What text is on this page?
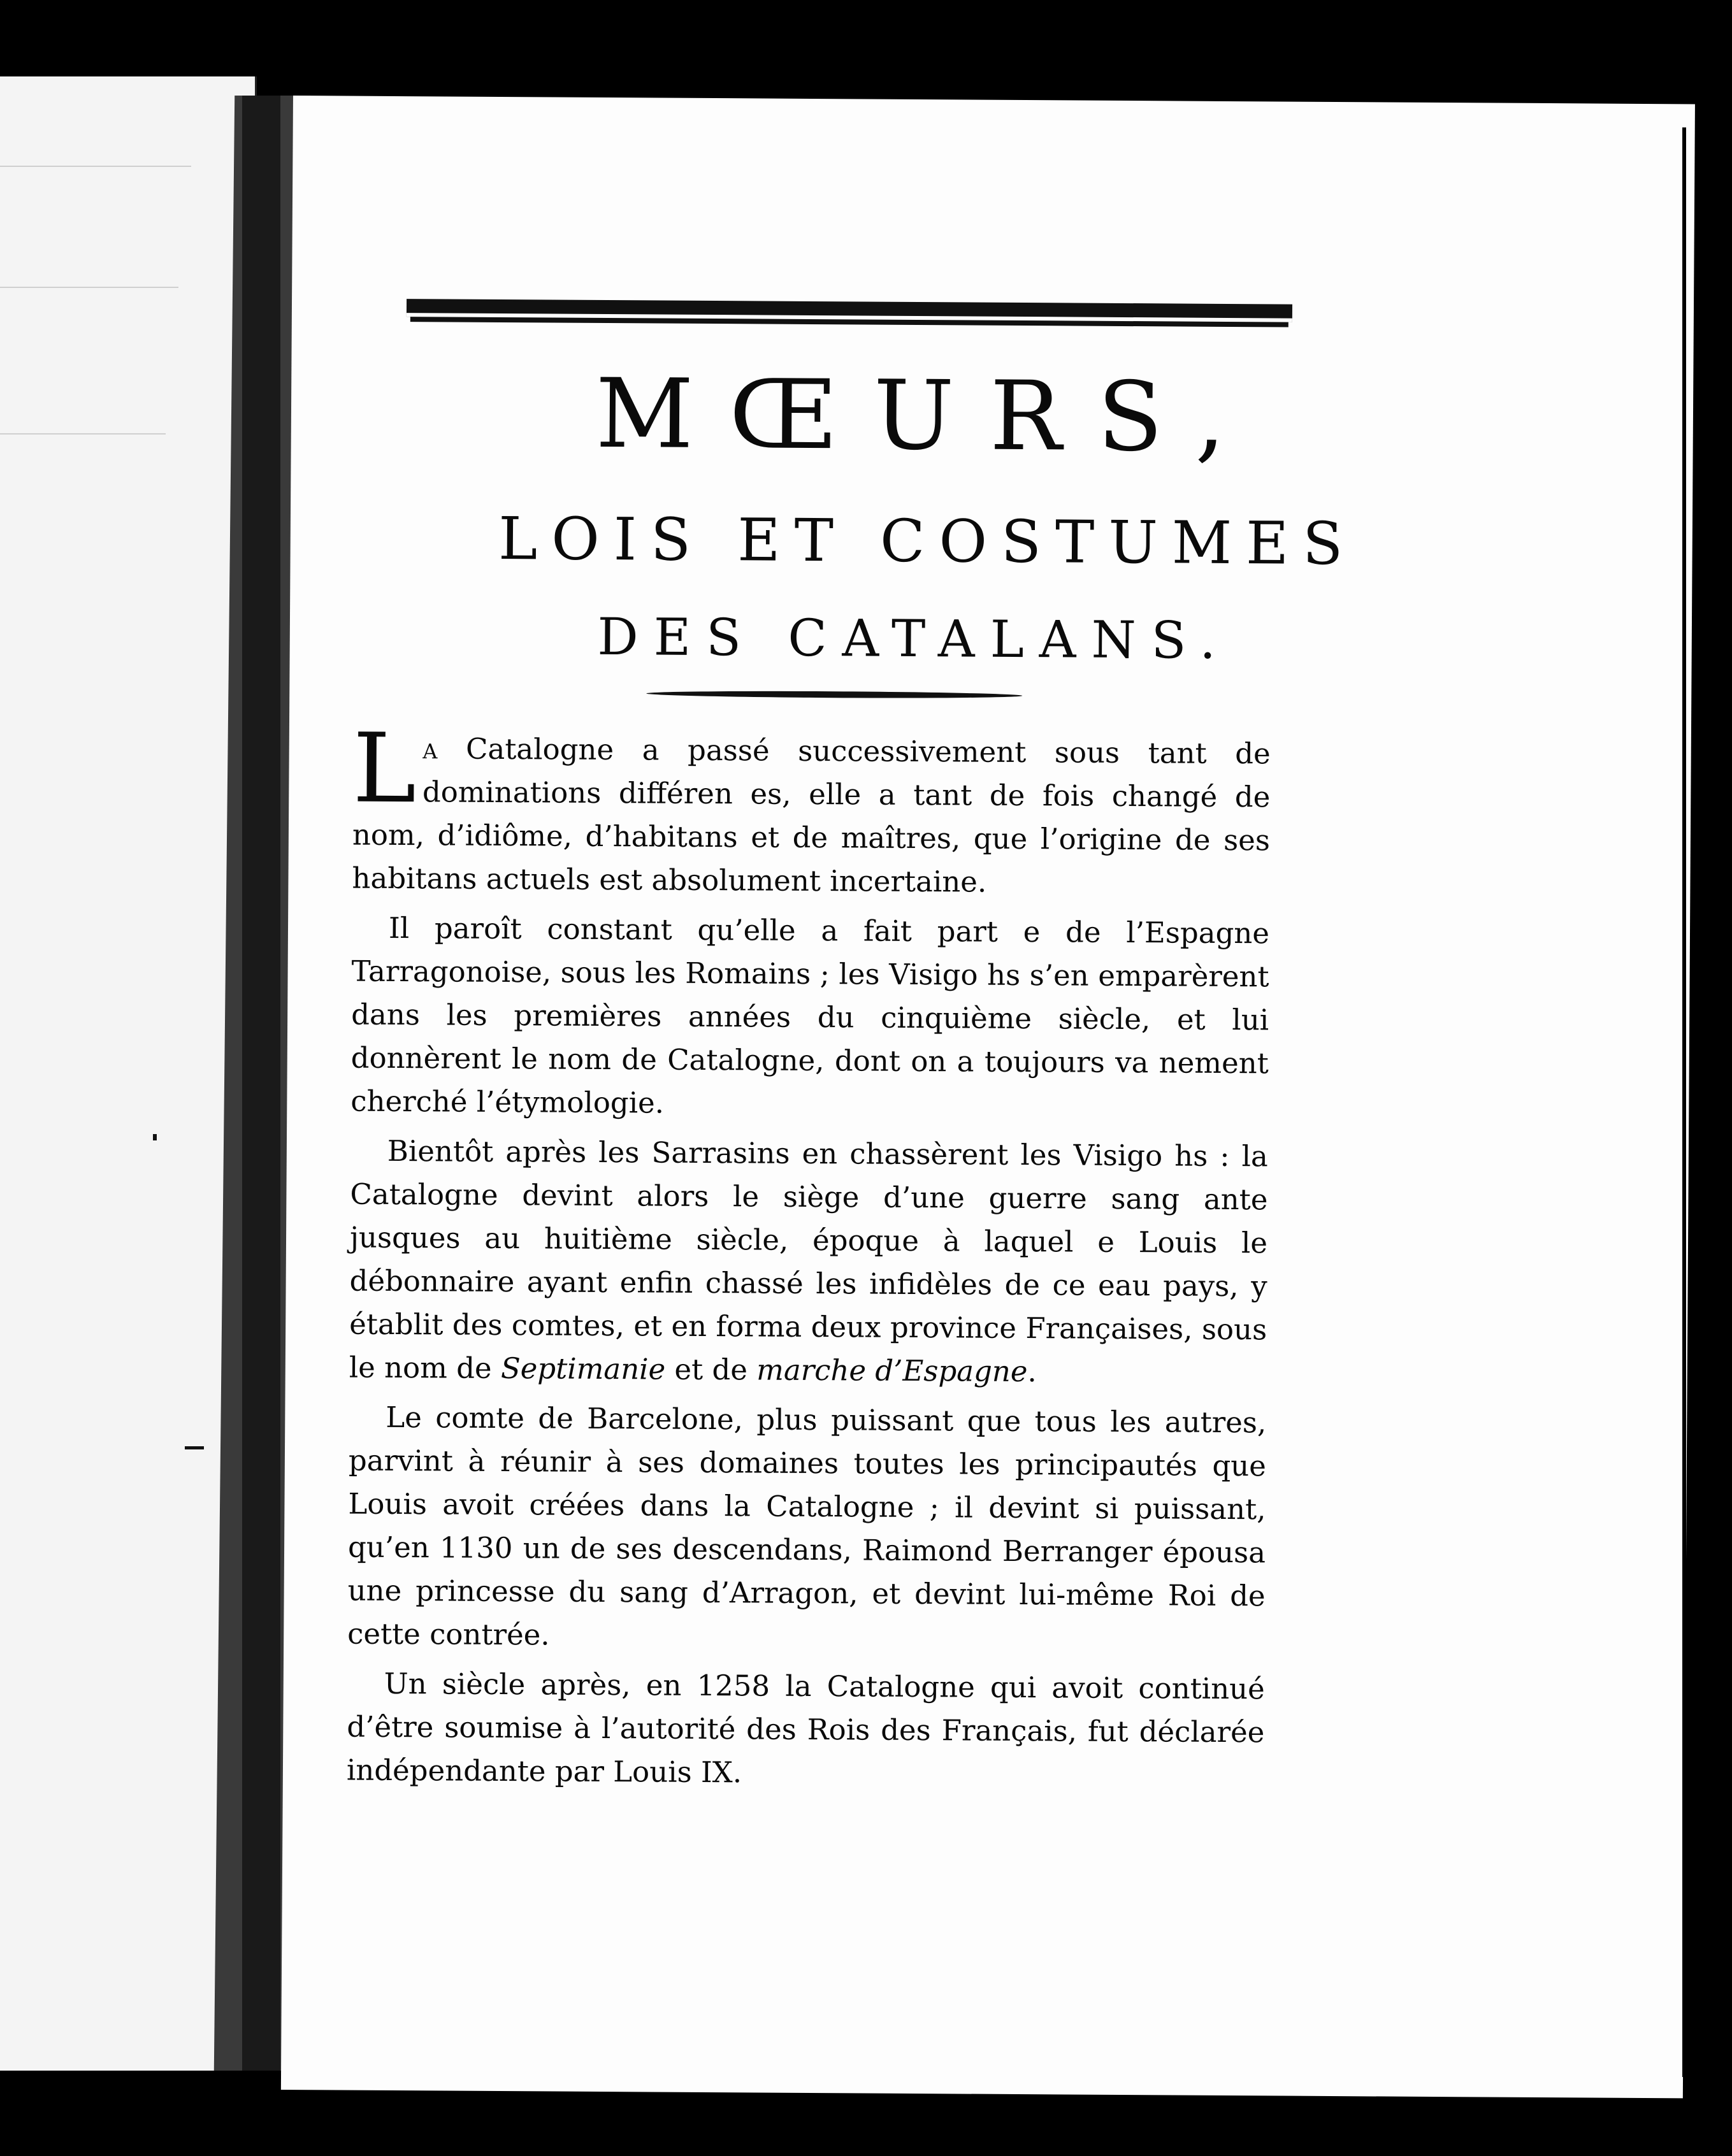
MŒURS,
LOIS ET COSTUMES
DES CATALANS.

La Catalogne a passé successivement sous tant de dominations différen es, elle a tant de fois changé de nom, d’idiôme, d’habitans et de maîtres, que l’origine de ses habitans actuels est absolument incertaine.

Il paroît constant qu’elle a fait part e de l’Espagne Tarragonoise, sous les Romains ; les Visigo hs s’en emparèrent dans les premières années du cinquième siècle, et lui donnèrent le nom de Catalogne, dont on a toujours va nement cherché l’étymologie.

Bientôt après les Sarrasins en chassèrent les Visigo hs : la Catalogne devint alors le siège d’une guerre sang ante jusques au huitième siècle, époque à laquel e Louis le débonnaire ayant enfin chassé les infidèles de ce eau pays, y établit des comtes, et en forma deux province Françaises, sous le nom de Septimanie et de marche d’Espagne.

Le comte de Barcelone, plus puissant que tous les autres, parvint à réunir à ses domaines toutes les principautés que Louis avoit créées dans la Catalogne ; il devint si puissant, qu’en 1130 un de ses descendans, Raimond Berranger épousa une princesse du sang d’Arragon, et devint lui-même Roi de cette contrée.

Un siècle après, en 1258 la Catalogne qui avoit continué d’être soumise à l’autorité des Rois des Français, fut déclarée indépendante par Louis IX.
